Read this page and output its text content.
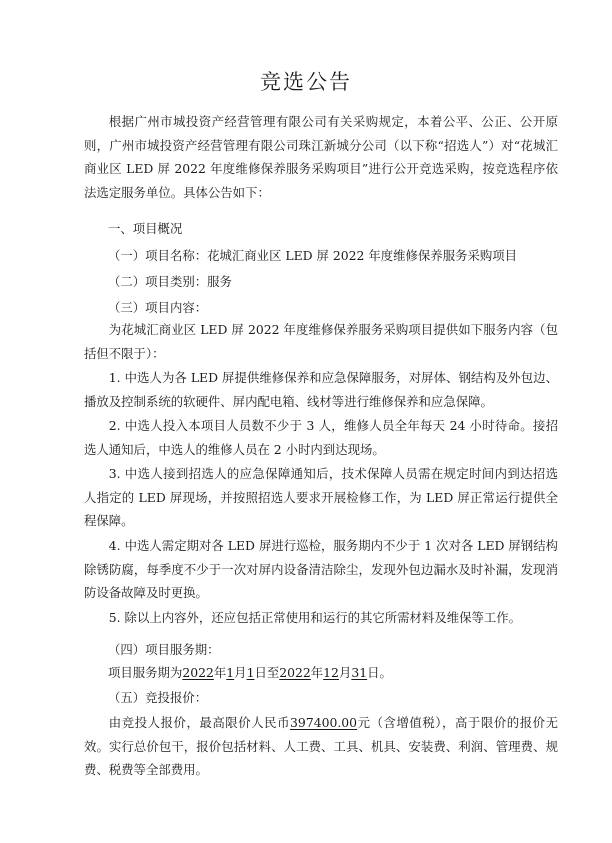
竞选公告

根据广州市城投资产经营管理有限公司有关采购规定，本着公平、公正、公开原则，广州市城投资产经营管理有限公司珠江新城分公司（以下称“招选人”）对“花城汇商业区 LED 屏 2022 年度维修保养服务采购项目”进行公开竞选采购，按竞选程序依法选定服务单位。具体公告如下：

一、项目概况

（一）项目名称：花城汇商业区 LED 屏 2022 年度维修保养服务采购项目

（二）项目类别：服务

（三）项目内容：

为花城汇商业区 LED 屏 2022 年度维修保养服务采购项目提供如下服务内容（包括但不限于）：

1. 中选人为各 LED 屏提供维修保养和应急保障服务，对屏体、钢结构及外包边、播放及控制系统的软硬件、屏内配电箱、线材等进行维修保养和应急保障。

2. 中选人投入本项目人员数不少于 3 人，维修人员全年每天 24 小时待命。接招选人通知后，中选人的维修人员在 2 小时内到达现场。

3. 中选人接到招选人的应急保障通知后，技术保障人员需在规定时间内到达招选人指定的 LED 屏现场，并按照招选人要求开展检修工作，为 LED 屏正常运行提供全程保障。

4. 中选人需定期对各 LED 屏进行巡检，服务期内不少于 1 次对各 LED 屏钢结构除锈防腐，每季度不少于一次对屏内设备清洁除尘，发现外包边漏水及时补漏，发现消防设备故障及时更换。

5. 除以上内容外，还应包括正常使用和运行的其它所需材料及维保等工作。

（四）项目服务期：

项目服务期为2022年1月1日至2022年12月31日。

（五）竞投报价：

由竞投人报价，最高限价人民币397400.00元（含增值税），高于限价的报价无效。实行总价包干，报价包括材料、人工费、工具、机具、安装费、利润、管理费、规费、税费等全部费用。
